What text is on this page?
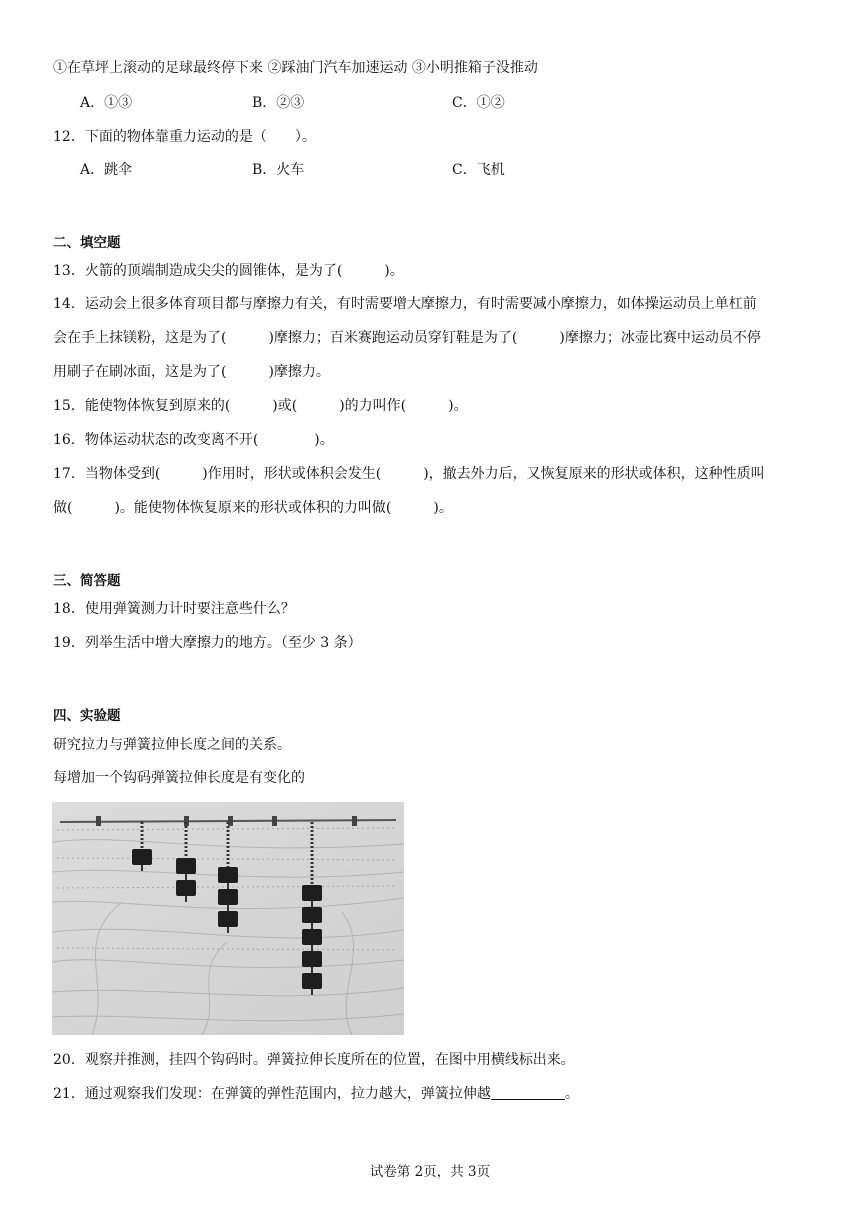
①在草坪上滚动的足球最终停下来 ②踩油门汽车加速运动 ③小明推箱子没推动
A．①③	B．②③	C．①②
12．下面的物体靠重力运动的是（　　）。
A．跳伞	B．火车	C．飞机
二、填空题
13．火箭的顶端制造成尖尖的圆锥体，是为了(　　　)。
14．运动会上很多体育项目都与摩擦力有关，有时需要增大摩擦力，有时需要减小摩擦力，如体操运动员上单杠前
会在手上抹镁粉，这是为了(　　　)摩擦力；百米赛跑运动员穿钉鞋是为了(　　　)摩擦力；冰壶比赛中运动员不停
用刷子在刷冰面，这是为了(　　　)摩擦力。
15．能使物体恢复到原来的(　　　)或(　　　)的力叫作(　　　)。
16．物体运动状态的改变离不开(　　　　)。
17．当物体受到(　　　)作用时，形状或体积会发生(　　　)，撤去外力后，又恢复原来的形状或体积，这种性质叫
做(　　　)。能使物体恢复原来的形状或体积的力叫做(　　　)。
三、简答题
18．使用弹簧测力计时要注意些什么？
19．列举生活中增大摩擦力的地方。（至少 3 条）
四、实验题
研究拉力与弹簧拉伸长度之间的关系。
每增加一个钩码弹簧拉伸长度是有变化的
20．观察并推测，挂四个钩码时。弹簧拉伸长度所在的位置，在图中用横线标出来。
21．通过观察我们发现：在弹簧的弹性范围内，拉力越大，弹簧拉伸越	。
试卷第 2页，共 3页
